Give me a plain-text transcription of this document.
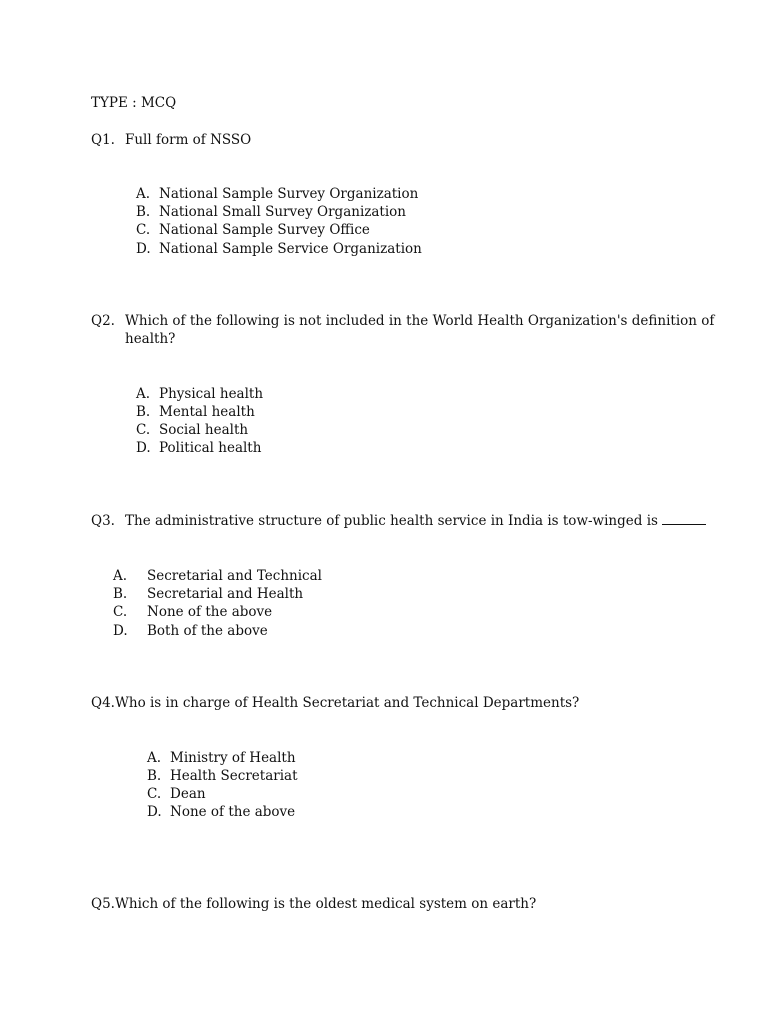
TYPE : MCQ
Q1. Full form of NSSO
A. National Sample Survey Organization
B. National Small Survey Organization
C. National Sample Survey Office
D. National Sample Service Organization
Q2. Which of the following is not included in the World Health Organization's definition of
health?
A. Physical health
B. Mental health
C. Social health
D. Political health
Q3. The administrative structure of public health service in India is tow-winged is
A. Secretarial and Technical
B. Secretarial and Health
C. None of the above
D. Both of the above
Q4. Who is in charge of Health Secretariat and Technical Departments?
A. Ministry of Health
B. Health Secretariat
C. Dean
D. None of the above
Q5. Which of the following is the oldest medical system on earth?
